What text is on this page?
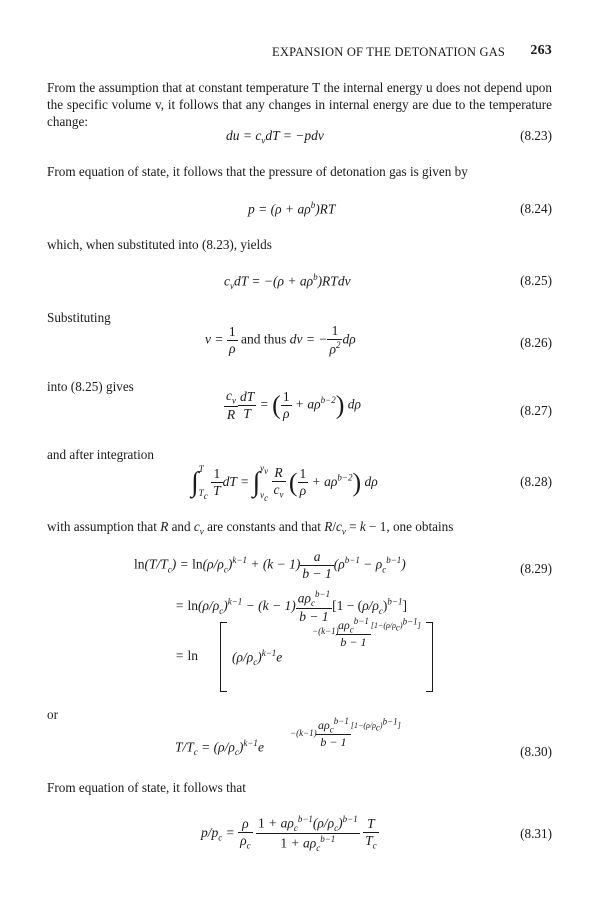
EXPANSION OF THE DETONATION GAS 263
From the assumption that at constant temperature T the internal energy u does not depend upon the specific volume v, it follows that any changes in internal energy are due to the temperature change:
du = $c_vdT = -pdv$	(8.23)
From equation of state, it follows that the pressure of detonation gas is given by
$p = (\rho + a\rho^b)RT$	(8.24)
which, when substituted into (8.23), yields
$c_vdT = -(\rho$ + $a\rho^b)RTdv$	(8.25)
Substituting
$v = \frac{1}{\rho}$ and thus dv = − $\frac{1}{\rho^2}$ dρ	(8.26)
into (8.25) gives
$\frac{c_v}{R} \frac{dT}{T}$ = ( $\frac{1}{\rho} + a\rho^{b-2}$) dρ	(8.27)
and after integration
∫ T
$T_c$
$\frac{1}{T}$ dT = ∫ $v_v$
$v_c$
$\frac{R}{c_v}$ ( $\frac{1}{\rho} + a\rho^{b-2}$) dρ	(8.28)
with assumption that R and $c_v$ are constants and that $R/c_v = k - 1$, one obtains
$\ln(T/T_c) = \ln(\rho/\rho_c)^{k-1} + (k - 1) \frac{a}{b - 1} (\rho^{b-1} - \rho_c^{b-1})$	(8.29)
= $\ln(\rho/\rho_c)^{k-1} - (k - 1) \frac{a\rho_c^{b-1}}{b - 1} [1 - (\rho/\rho_c)^{b-1}]$
= ln	$(\rho/\rho_c)^{k-1}e$
−(k−1)
$\frac{a\rho_c^{b-1}}{b - 1} [1-(\rho/\rho c)b-1]$
or
$T/T_c = (\rho/\rho_c)^{k-1}e$
$-(k-1) \frac{a\rho_c^{b-1}}{b - 1} [1-(\rho/\rho c)b-1]$
(8.30)
From equation of state, it follows that
$p/p_c = \frac{\rho}{\rho_c}$
$\frac{1 + a\rho_c^{b-1}(\rho/\rho_c)^{b-1}}{1 + a\rho_c^{b-1}}$
$\frac{T}{T_c}$	(8.31)
